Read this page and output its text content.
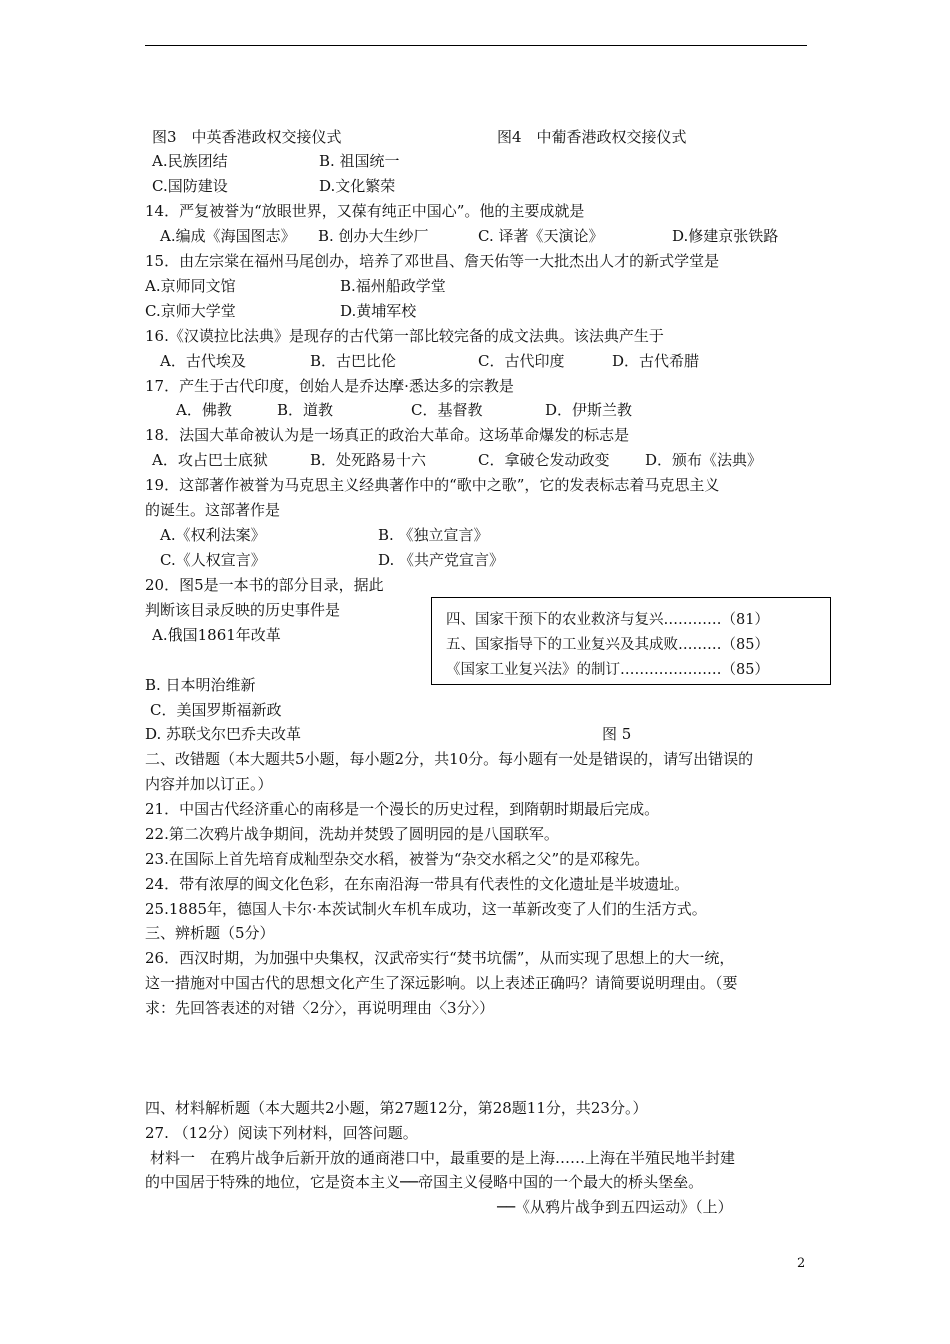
图3　中英香港政权交接仪式	图4　中葡香港政权交接仪式
A.民族团结	B. 祖国统一
C.国防建设	D.文化繁荣
14．严复被誉为“放眼世界，又葆有纯正中国心”。他的主要成就是
A.编成《海国图志》 B. 创办大生纱厂	C. 译著《天演论》	D.修建京张铁路
15．由左宗棠在福州马尾创办，培养了邓世昌、詹天佑等一大批杰出人才的新式学堂是
A.京师同文馆	B.福州船政学堂
C.京师大学堂	D.黄埔军校
16.《汉谟拉比法典》是现存的古代第一部比较完备的成文法典。该法典产生于
A．古代埃及	B．古巴比伦	C．古代印度	D．古代希腊
17．产生于古代印度，创始人是乔达摩·悉达多的宗教是
A．佛教	B．道教	C．基督教	D．伊斯兰教
18．法国大革命被认为是一场真正的政治大革命。这场革命爆发的标志是
A．攻占巴士底狱	B．处死路易十六	C．拿破仑发动政变 D．颁布《法典》
19．这部著作被誉为马克思主义经典著作中的“歌中之歌”，它的发表标志着马克思主义
的诞生。这部著作是
A.《权利法案》	B. 《独立宣言》
C.《人权宣言》	D. 《共产党宣言》
20．图5是一本书的部分目录，据此
判断该目录反映的历史事件是
A.俄国1861年改革
四、国家干预下的农业救济与复兴…………（81）
五、国家指导下的工业复兴及其成败………（85）
《国家工业复兴法》的制订…………………（85）
B. 日本明治维新
C．美国罗斯福新政
D. 苏联戈尔巴乔夫改革	图 5
二、改错题（本大题共5小题，每小题2分，共10分。每小题有一处是错误的，请写出错误的
内容并加以订正。）
21．中国古代经济重心的南移是一个漫长的历史过程，到隋朝时期最后完成。
22.第二次鸦片战争期间，洗劫并焚毁了圆明园的是八国联军。
23.在国际上首先培育成籼型杂交水稻，被誉为“杂交水稻之父”的是邓稼先。
24．带有浓厚的闽文化色彩，在东南沿海一带具有代表性的文化遗址是半坡遗址。
25.1885年，德国人卡尔·本茨试制火车机车成功，这一革新改变了人们的生活方式。
三、辨析题（5分）
26．西汉时期，为加强中央集权，汉武帝实行“焚书坑儒”，从而实现了思想上的大一统，
这一措施对中国古代的思想文化产生了深远影响。以上表述正确吗？请简要说明理由。（要
求：先回答表述的对错〈2分〉，再说明理由〈3分〉）
四、材料解析题（本大题共2小题，第27题12分，第28题11分，共23分。）
27. （12分）阅读下列材料，回答问题。
材料一　在鸦片战争后新开放的通商港口中，最重要的是上海……上海在半殖民地半封建
的中国居于特殊的地位，它是资本主义──帝国主义侵略中国的一个最大的桥头堡垒。
──《从鸦片战争到五四运动》（上）
2
